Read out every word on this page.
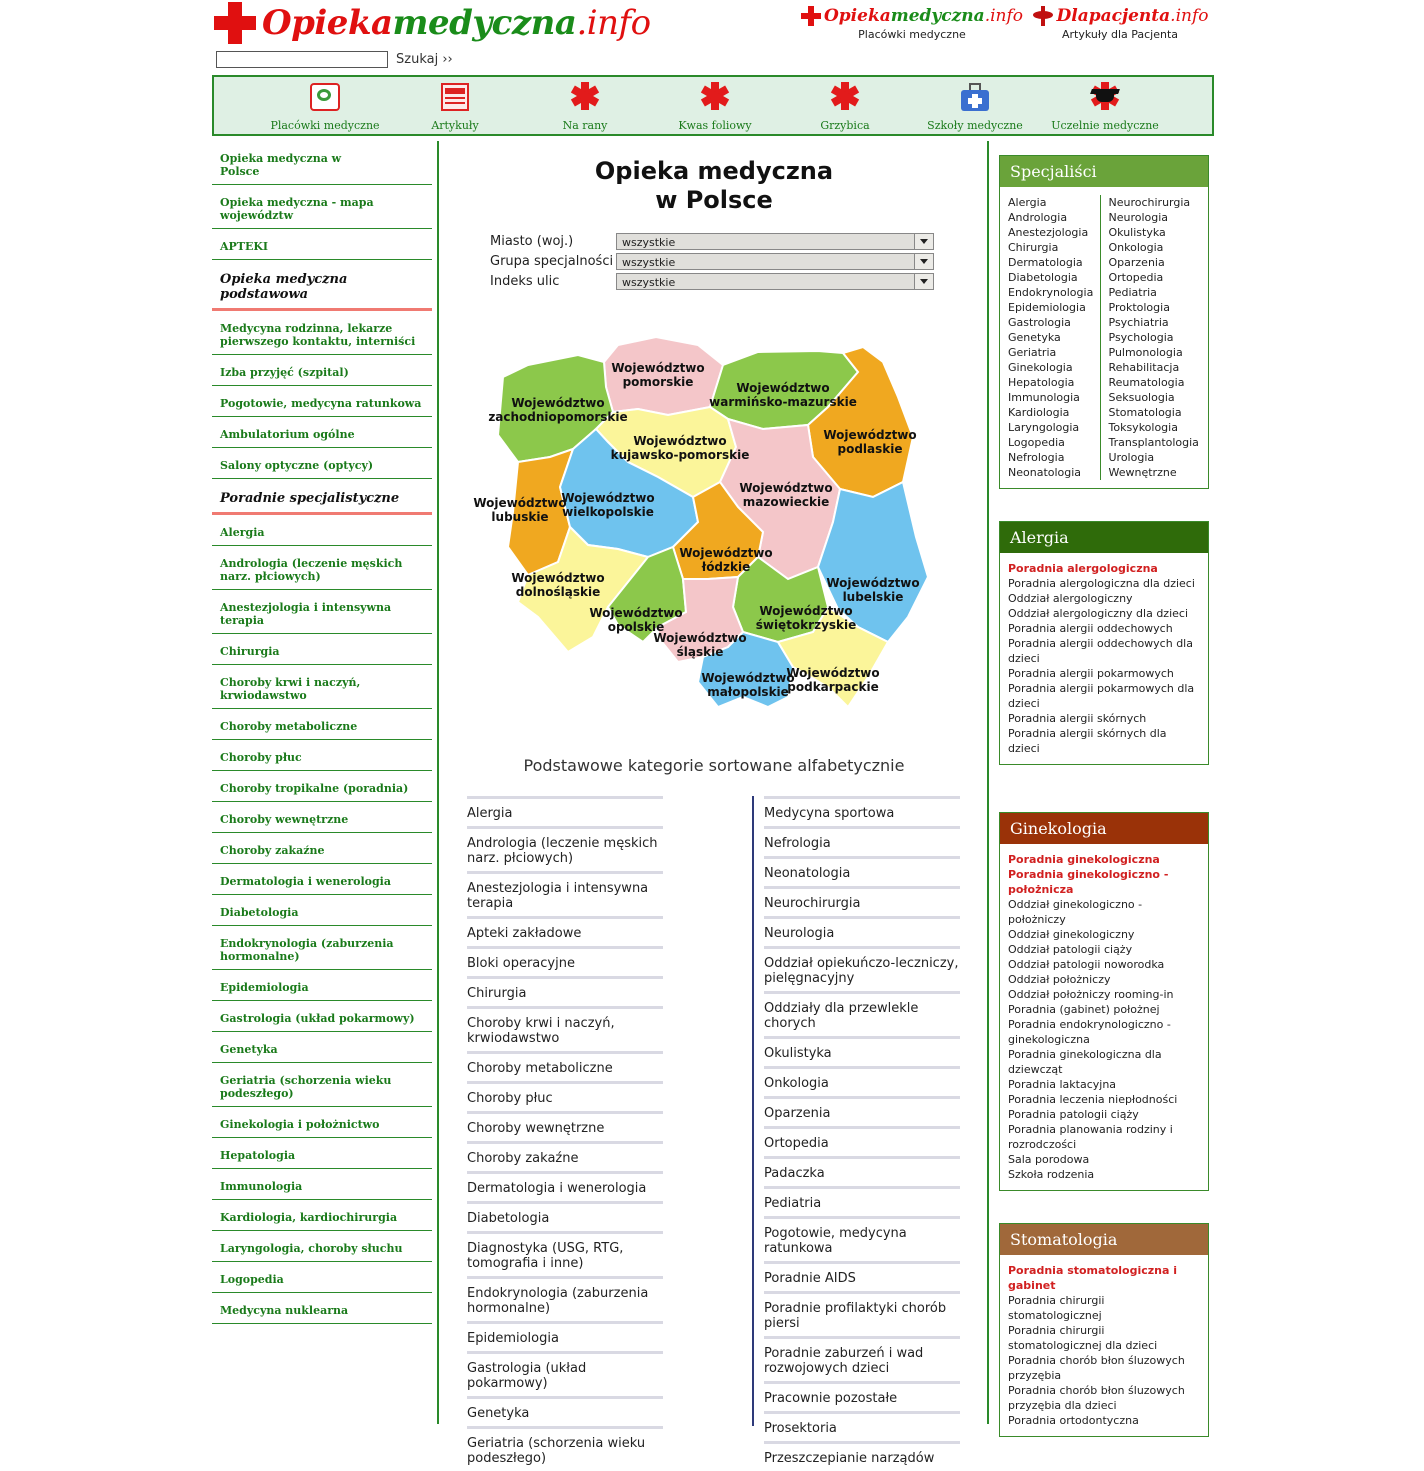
Opiekamedyczna.info
Szukaj ››
Opieka medyczna .info
Placówki medyczne
Dlapacjenta .info
Artykuły dla Pacjenta
Placówki medyczne	Artykuły	Na rany	Kwas foliowy	Grzybica	Szkoły medyczne	Uczelnie medyczne
Opieka medyczna w Polsce
Opieka medyczna - mapa województw
APTEKI
Opieka medyczna podstawowa
Medycyna rodzinna, lekarze pierwszego kontaktu, interniści
Izba przyjęć (szpital)
Pogotowie, medycyna ratunkowa
Ambulatorium ogólne
Salony optyczne (optycy)
Poradnie specjalistyczne
Alergia
Andrologia (leczenie męskich narz. płciowych)
Anestezjologia i intensywna terapia
Chirurgia
Choroby krwi i naczyń, krwiodawstwo
Choroby metaboliczne
Choroby płuc
Choroby tropikalne (poradnia)
Choroby wewnętrzne
Choroby zakaźne
Dermatologia i wenerologia
Diabetologia
Endokrynologia (zaburzenia hormonalne)
Epidemiologia
Gastrologia (układ pokarmowy)
Genetyka
Geriatria (schorzenia wieku podeszłego)
Ginekologia i położnictwo
Hepatologia
Immunologia
Kardiologia, kardiochirurgia
Laryngologia, choroby słuchu
Logopedia
Medycyna nuklearna
Opieka medyczna
w Polsce
Miasto (woj.)	wszystkie
Grupa specjalności wszystkie
Indeks ulic	wszystkie
Województwo
pomorskie
Województwo
zachodniopomorskie
Województwo
warmińsko-mazurskie
Województwo
podlaskie
Województwo
kujawsko-pomorskie
Województwo
lubuskie
Województwo
wielkopolskie
Województwo
mazowieckie
Województwo
łódzkie
Województwo
lubelskie
Województwo
dolnośląskie
Województwo
opolskie
Województwo
świętokrzyskie
Województwo
śląskie
Województwo
małopolskie
Województwo
podkarpackie
Podstawowe kategorie sortowane alfabetycznie
Alergia
Andrologia (leczenie męskich narz. płciowych)
Anestezjologia i intensywna terapia
Apteki zakładowe
Bloki operacyjne
Chirurgia
Choroby krwi i naczyń, krwiodawstwo
Choroby metaboliczne
Choroby płuc
Choroby wewnętrzne
Choroby zakaźne
Dermatologia i wenerologia
Diabetologia
Diagnostyka (USG, RTG, tomografia i inne)
Endokrynologia (zaburzenia hormonalne)
Epidemiologia
Gastrologia (układ pokarmowy)
Genetyka
Geriatria (schorzenia wieku podeszłego)
Medycyna sportowa
Nefrologia
Neonatologia
Neurochirurgia
Neurologia
Oddział opiekuńczo-leczniczy, pielęgnacyjny
Oddziały dla przewlekle chorych
Okulistyka
Onkologia
Oparzenia
Ortopedia
Padaczka
Pediatria
Pogotowie, medycyna ratunkowa
Poradnie AIDS
Poradnie profilaktyki chorób piersi
Poradnie zaburzeń i wad rozwojowych dzieci
Pracownie pozostałe
Prosektoria
Przeszczepianie narządów
Specjaliści
Alergia
Andrologia
Anestezjologia
Chirurgia
Dermatologia
Diabetologia
Endokrynologia
Epidemiologia
Gastrologia
Genetyka
Geriatria
Ginekologia
Hepatologia
Immunologia
Kardiologia
Laryngologia
Logopedia
Nefrologia
Neonatologia
Neurochirurgia
Neurologia
Okulistyka
Onkologia
Oparzenia
Ortopedia
Pediatria
Proktologia
Psychiatria
Psychologia
Pulmonologia
Rehabilitacja
Reumatologia
Seksuologia
Stomatologia
Toksykologia
Transplantologia
Urologia
Wewnętrzne
Alergia
Poradnia alergologiczna
Poradnia alergologiczna dla dzieci
Oddział alergologiczny
Oddział alergologiczny dla dzieci
Poradnia alergii oddechowych
Poradnia alergii oddechowych dla dzieci
Poradnia alergii pokarmowych
Poradnia alergii pokarmowych dla dzieci
Poradnia alergii skórnych
Poradnia alergii skórnych dla dzieci
Ginekologia
Poradnia ginekologiczna
Poradnia ginekologiczno - położnicza
Oddział ginekologiczno - położniczy
Oddział ginekologiczny
Oddział patologii ciąży
Oddział patologii noworodka
Oddział położniczy
Oddział położniczy rooming-in
Poradnia (gabinet) położnej
Poradnia endokrynologiczno - ginekologiczna
Poradnia ginekologiczna dla dziewcząt
Poradnia laktacyjna
Poradnia leczenia niepłodności
Poradnia patologii ciąży
Poradnia planowania rodziny i rozrodczości
Sala porodowa
Szkoła rodzenia
Stomatologia
Poradnia stomatologiczna i gabinet
Poradnia chirurgii stomatologicznej
Poradnia chirurgii stomatologicznej dla dzieci
Poradnia chorób błon śluzowych przyzębia
Poradnia chorób błon śluzowych przyzębia dla dzieci
Poradnia ortodontyczna
